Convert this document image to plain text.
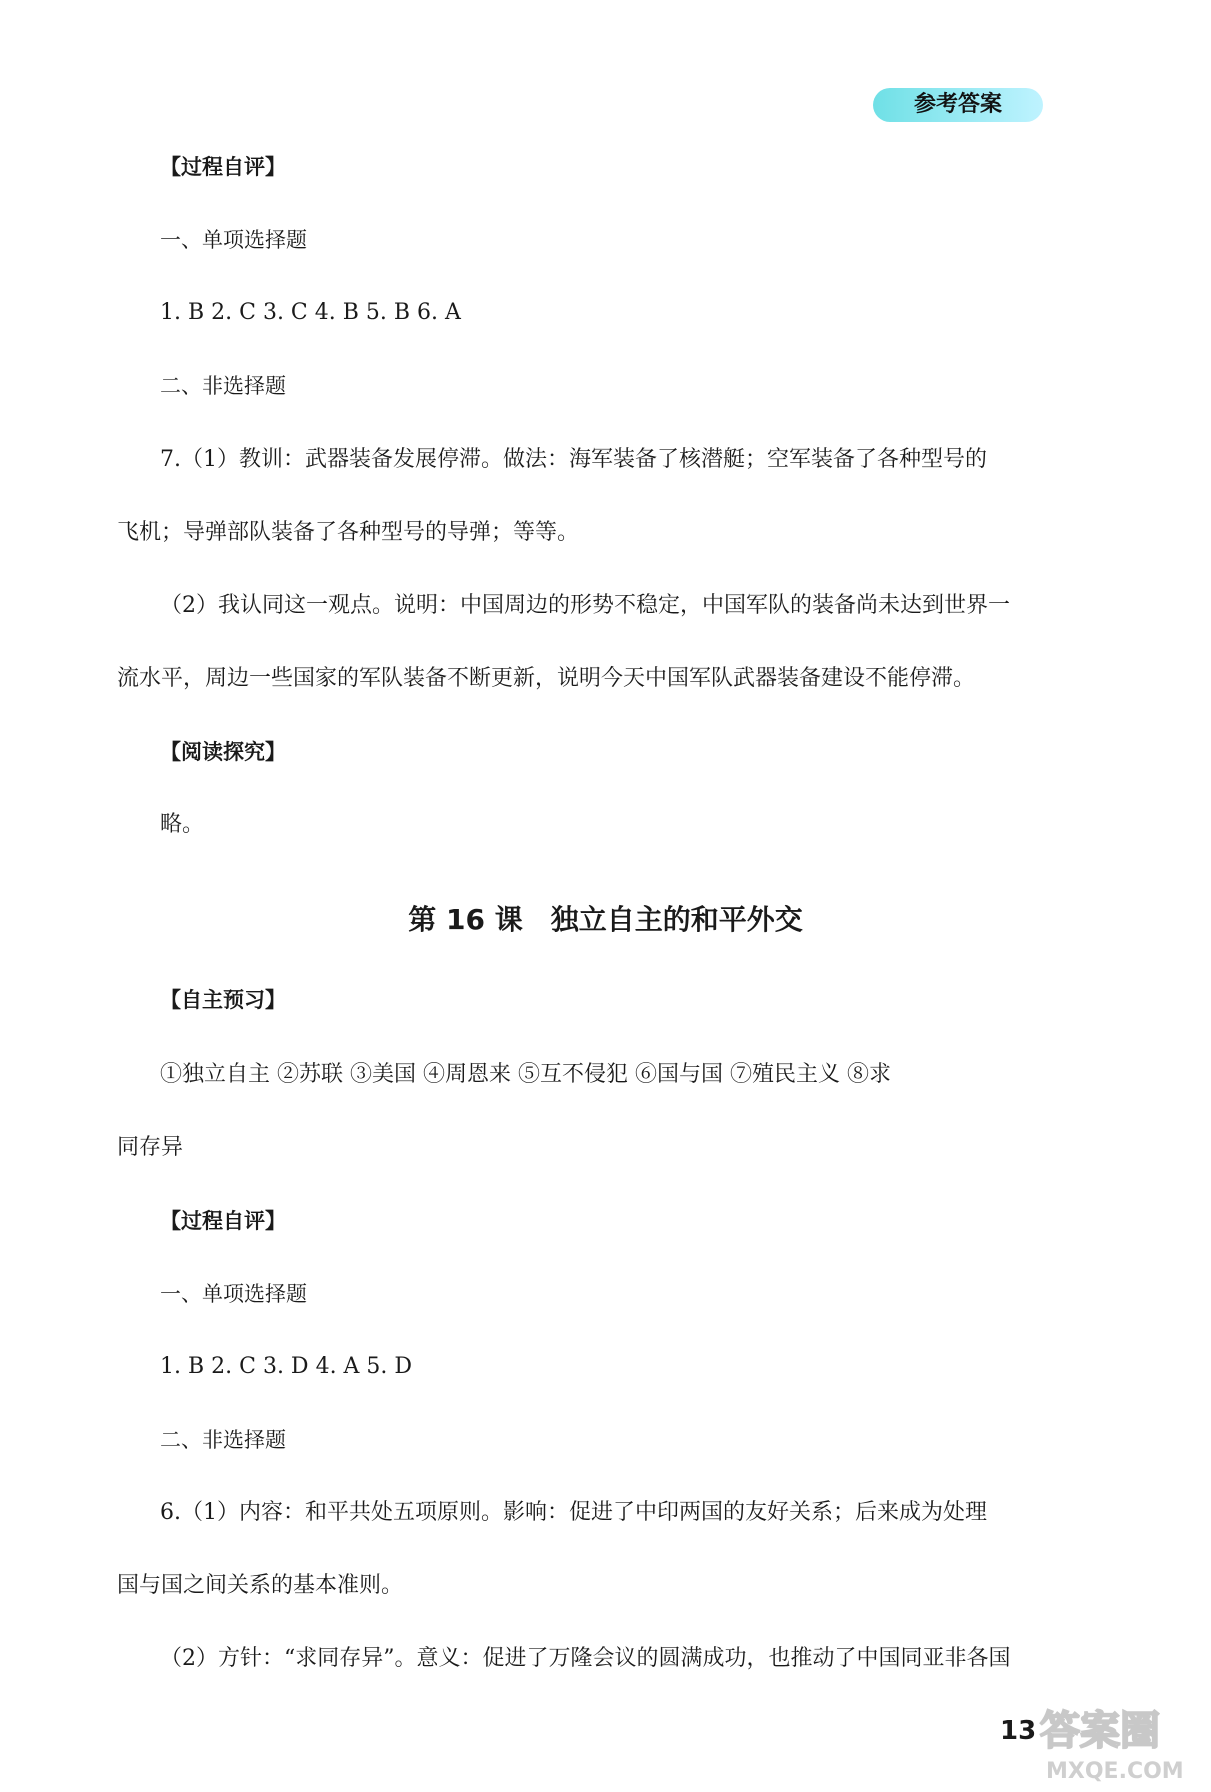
参考答案
【过程自评】
一、单项选择题
1. B 2. C 3. C 4. B 5. B 6. A
二、非选择题
7.（1）教训：武器装备发展停滞。做法：海军装备了核潜艇；空军装备了各种型号的
飞机；导弹部队装备了各种型号的导弹；等等。
（2）我认同这一观点。说明：中国周边的形势不稳定，中国军队的装备尚未达到世界一
流水平，周边一些国家的军队装备不断更新，说明今天中国军队武器装备建设不能停滞。
【阅读探究】
略。
第 16 课　独立自主的和平外交
【自主预习】
①独立自主 ②苏联 ③美国 ④周恩来 ⑤互不侵犯 ⑥国与国 ⑦殖民主义 ⑧求
同存异
【过程自评】
一、单项选择题
1. B 2. C 3. D 4. A 5. D
二、非选择题
6.（1）内容：和平共处五项原则。影响：促进了中印两国的友好关系；后来成为处理
国与国之间关系的基本准则。
（2）方针：“求同存异”。意义：促进了万隆会议的圆满成功，也推动了中国同亚非各国
13 答案圈
MXQE.COM
